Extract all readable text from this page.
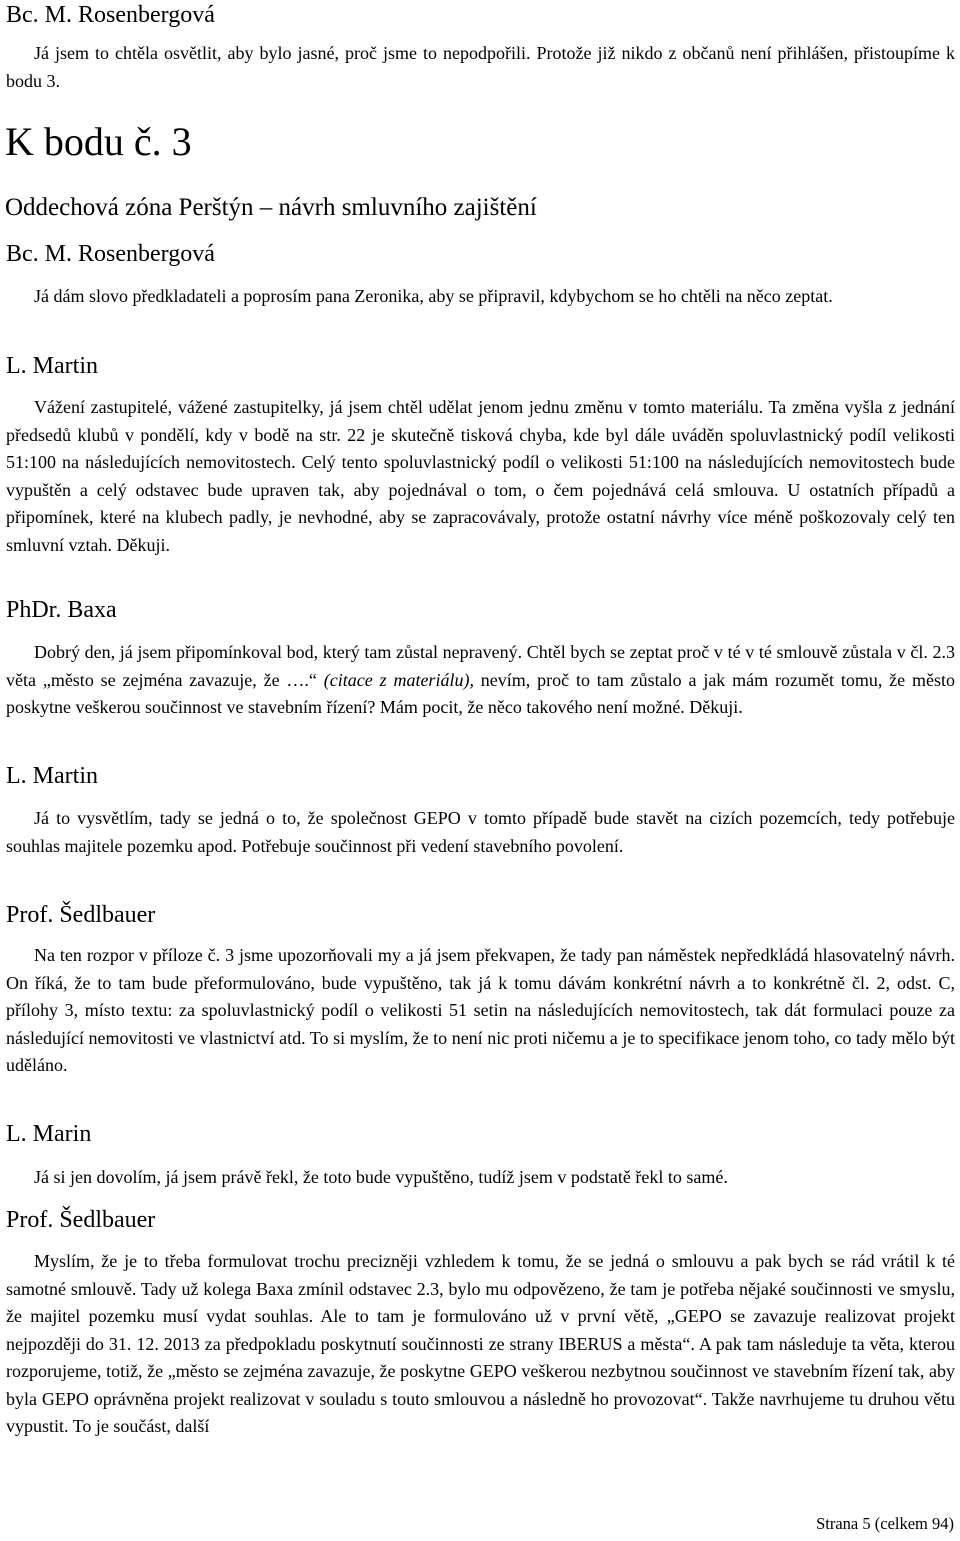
Bc. M. Rosenbergová

Já jsem to chtěla osvětlit, aby bylo jasné, proč jsme to nepodpořili. Protože již nikdo z občanů není přihlášen, přistoupíme k bodu 3.

K bodu č. 3
Oddechová zóna Perštýn – návrh smluvního zajištění
Bc. M. Rosenbergová

Já dám slovo předkladateli a poprosím pana Zeronika, aby se připravil, kdybychom se ho chtěli na něco zeptat.

L. Martin

Vážení zastupitelé, vážené zastupitelky, já jsem chtěl udělat jenom jednu změnu v tomto materiálu. Ta změna vyšla z jednání předsedů klubů v pondělí, kdy v bodě na str. 22 je skutečně tisková chyba, kde byl dále uváděn spoluvlastnický podíl velikosti 51:100 na následujících nemovitostech. Celý tento spoluvlastnický podíl o velikosti 51:100 na následujících nemovitostech bude vypuštěn a celý odstavec bude upraven tak, aby pojednával o tom, o čem pojednává celá smlouva. U ostatních případů a připomínek, které na klubech padly, je nevhodné, aby se zapracovávaly, protože ostatní návrhy více méně poškozovaly celý ten smluvní vztah. Děkuji.

PhDr. Baxa

Dobrý den, já jsem připomínkoval bod, který tam zůstal nepravený. Chtěl bych se zeptat proč v té v té smlouvě zůstala v čl. 2.3 věta „město se zejména zavazuje, že ….“ (citace z materiálu), nevím, proč to tam zůstalo a jak mám rozumět tomu, že město poskytne veškerou součinnost ve stavebním řízení? Mám pocit, že něco takového není možné. Děkuji.

L. Martin

Já to vysvětlím, tady se jedná o to, že společnost GEPO v tomto případě bude stavět na cizích pozemcích, tedy potřebuje souhlas majitele pozemku apod. Potřebuje součinnost při vedení stavebního povolení.

Prof. Šedlbauer

Na ten rozpor v příloze č. 3 jsme upozorňovali my a já jsem překvapen, že tady pan náměstek nepředkládá hlasovatelný návrh. On říká, že to tam bude přeformulováno, bude vypuštěno, tak já k tomu dávám konkrétní návrh a to konkrétně čl. 2, odst. C, přílohy 3, místo textu: za spoluvlastnický podíl o velikosti 51 setin na následujících nemovitostech, tak dát formulaci pouze za následující nemovitosti ve vlastnictví atd. To si myslím, že to není nic proti ničemu a je to specifikace jenom toho, co tady mělo být uděláno.

L. Marin

Já si jen dovolím, já jsem právě řekl, že toto bude vypuštěno, tudíž jsem v podstatě řekl to samé.

Prof. Šedlbauer

Myslím, že je to třeba formulovat trochu precizněji vzhledem k tomu, že se jedná o smlouvu a pak bych se rád vrátil k té samotné smlouvě. Tady už kolega Baxa zmínil odstavec 2.3, bylo mu odpovězeno, že tam je potřeba nějaké součinnosti ve smyslu, že majitel pozemku musí vydat souhlas. Ale to tam je formulováno už v první větě, „GEPO se zavazuje realizovat projekt nejpozději do 31. 12. 2013 za předpokladu poskytnutí součinnosti ze strany IBERUS a města“. A pak tam následuje ta věta, kterou rozporujeme, totiž, že „město se zejména zavazuje, že poskytne GEPO veškerou nezbytnou součinnost ve stavebním řízení tak, aby byla GEPO oprávněna projekt realizovat v souladu s touto smlouvou a následně ho provozovat“. Takže navrhujeme tu druhou větu vypustit. To je součást, další

Strana 5 (celkem 94)
